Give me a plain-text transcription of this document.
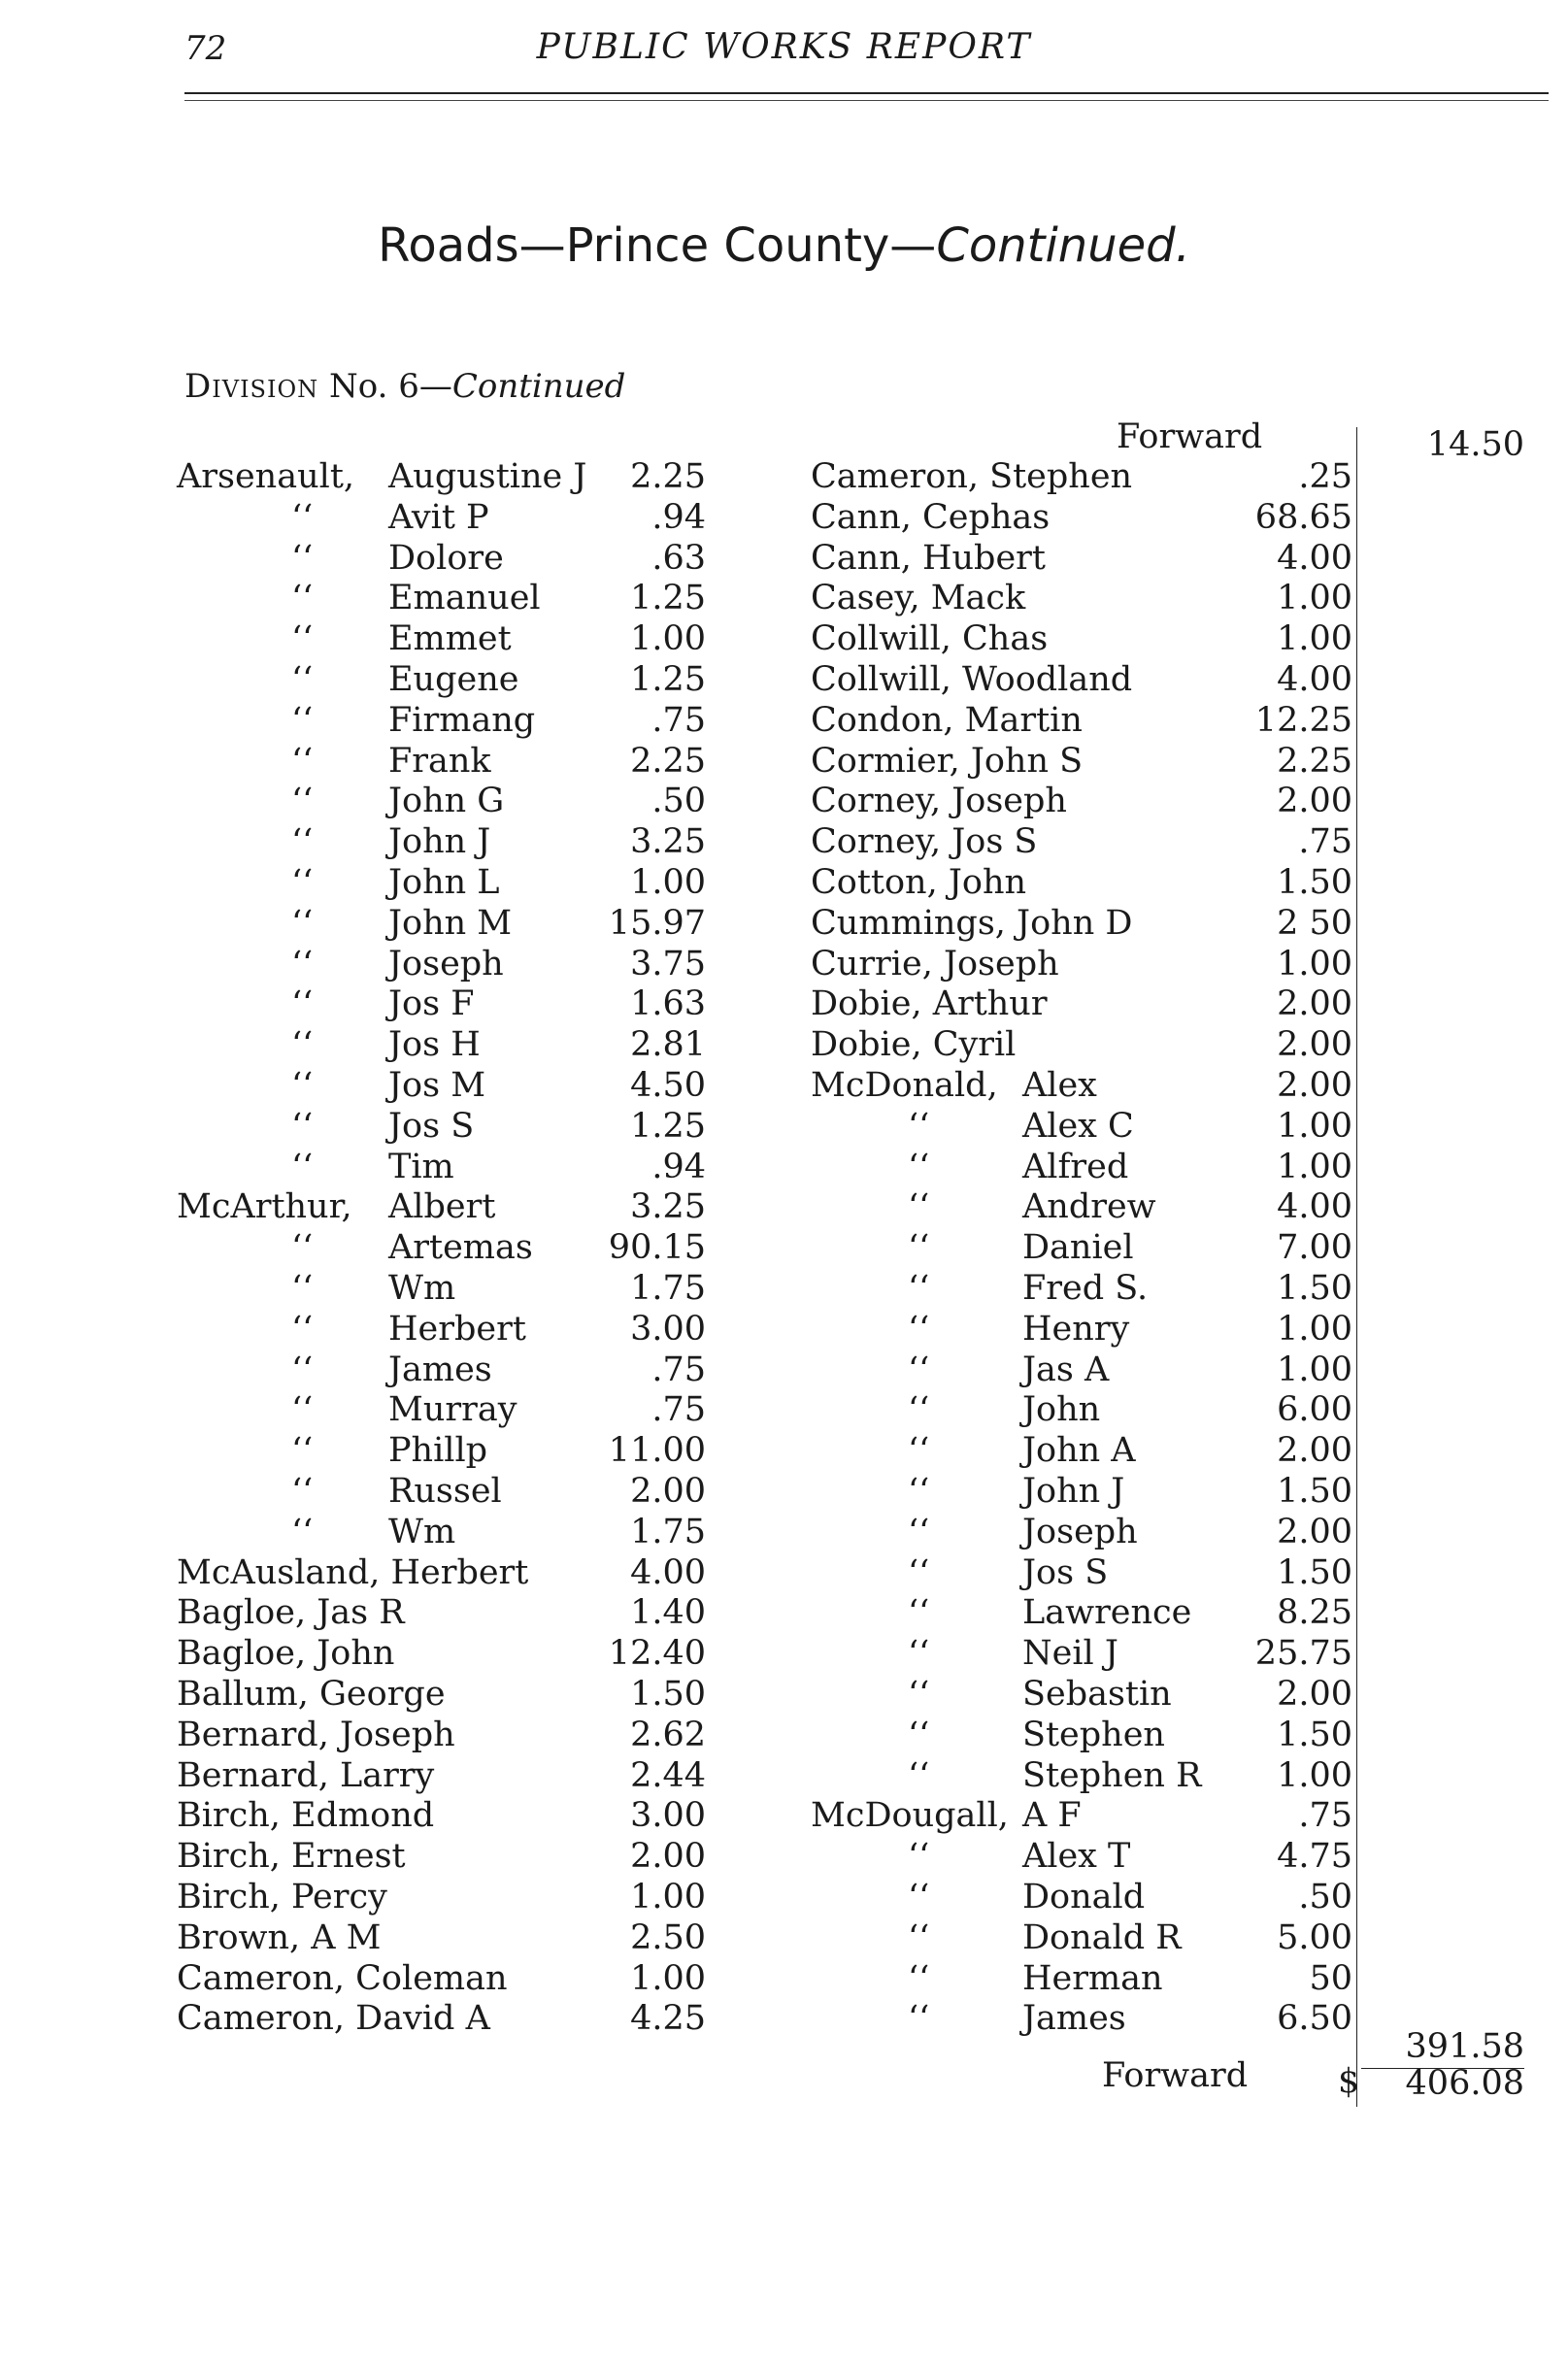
72	PUBLIC WORKS REPORT
Roads—Prince County—Continued.
Division No. 6—Continued
Arsenault, Augustine J	2.25
‘‘ Avit P	.94
‘‘ Dolore	.63
‘‘ Emanuel	1.25
‘‘ Emmet	1.00
‘‘ Eugene	1.25
‘‘ Firmang	.75
‘‘ Frank	2.25
‘‘ John G	.50
‘‘ John J	3.25
‘‘ John L	1.00
‘‘ John M	15.97
‘‘ Joseph	3.75
‘‘ Jos F	1.63
‘‘ Jos H	2.81
‘‘ Jos M	4.50
‘‘ Jos S	1.25
‘‘ Tim	.94
McArthur, Albert	3.25
‘‘ Artemas	90.15
‘‘ Wm	1.75
‘‘ Herbert	3.00
‘‘ James	.75
‘‘ Murray	.75
‘‘ Phillp	11.00
‘‘ Russel	2.00
‘‘ Wm	1.75
McAusland, Herbert	4.00
Bagloe, Jas R	1.40
Bagloe, John	12.40
Ballum, George	1.50
Bernard, Joseph	2.62
Bernard, Larry	2.44
Birch, Edmond	3.00
Birch, Ernest	2.00
Birch, Percy	1.00
Brown, A M	2.50
Cameron, Coleman	1.00
Cameron, David A	4.25
Cameron, Stephen	.25
Cann, Cephas	68.65
Cann, Hubert	4.00
Casey, Mack	1.00
Collwill, Chas	1.00
Collwill, Woodland	4.00
Condon, Martin	12.25
Cormier, John S	2.25
Corney, Joseph	2.00
Corney, Jos S	.75
Cotton, John	1.50
Cummings, John D	2 50
Currie, Joseph	1.00
Dobie, Arthur	2.00
Dobie, Cyril	2.00
McDonald, Alex	2.00
‘‘	Alex C	1.00
‘‘	Alfred	1.00
‘‘	Andrew	4.00
‘‘	Daniel	7.00
‘‘	Fred S.	1.50
‘‘	Henry	1.00
‘‘	Jas A	1.00
‘‘	John	6.00
‘‘	John A	2.00
‘‘	John J	1.50
‘‘	Joseph	2.00
‘‘	Jos S	1.50
‘‘	Lawrence	8.25
‘‘	Neil J	25.75
‘‘	Sebastin	2.00
‘‘	Stephen	1.50
‘‘	Stephen R	1.00
McDougall, A F	.75
‘‘	Alex T	4.75
‘‘	Donald	.50
‘‘	Donald R	5.00
‘‘	Herman	50
‘‘	James	6.50
Forward	14.50
391.58
Forward	$	406.08
